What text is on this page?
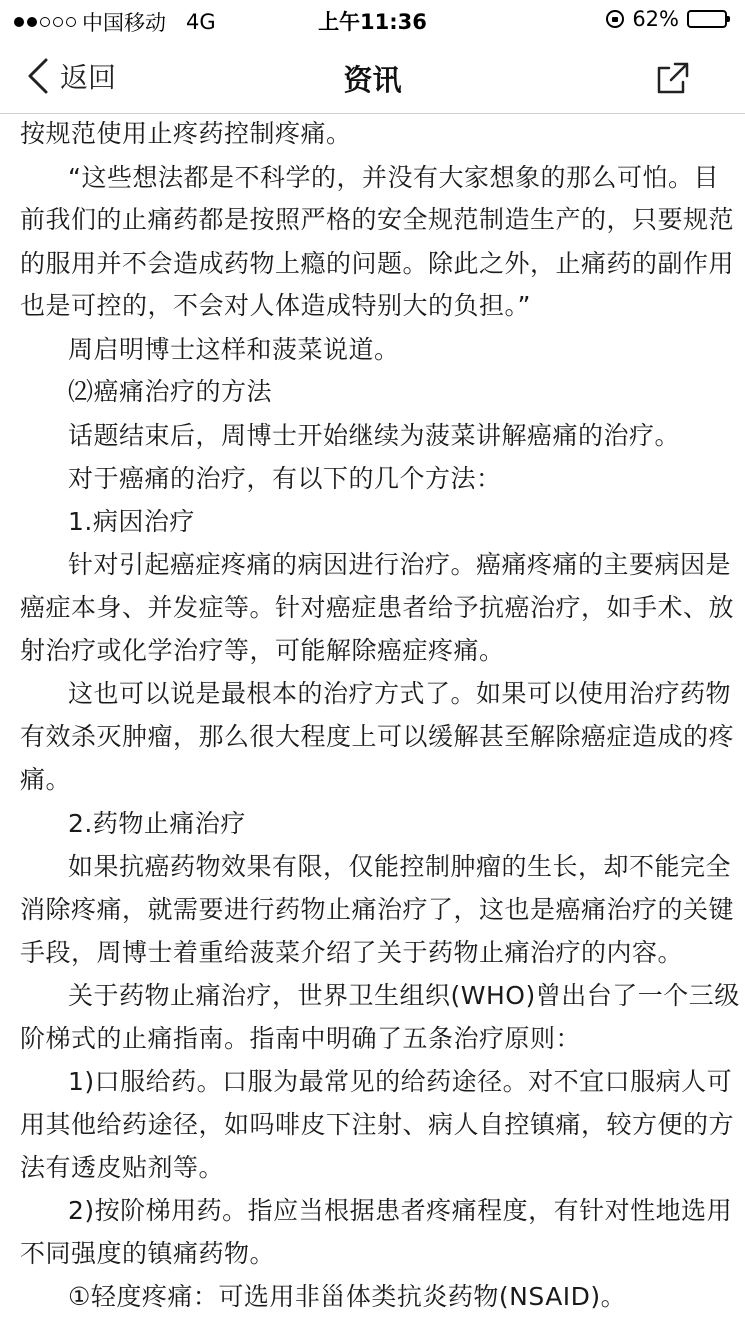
中国移动 4G	上午11:36	62%
返回	资讯
按规范使用止疼药控制疼痛。
“这些想法都是不科学的，并没有大家想象的那么可怕。目
前我们的止痛药都是按照严格的安全规范制造生产的，只要规范
的服用并不会造成药物上瘾的问题。除此之外，止痛药的副作用
也是可控的，不会对人体造成特别大的负担。”
周启明博士这样和菠菜说道。
⑵癌痛治疗的方法
话题结束后，周博士开始继续为菠菜讲解癌痛的治疗。
对于癌痛的治疗，有以下的几个方法：
1.病因治疗
针对引起癌症疼痛的病因进行治疗。癌痛疼痛的主要病因是
癌症本身、并发症等。针对癌症患者给予抗癌治疗，如手术、放
射治疗或化学治疗等，可能解除癌症疼痛。
这也可以说是最根本的治疗方式了。如果可以使用治疗药物
有效杀灭肿瘤，那么很大程度上可以缓解甚至解除癌症造成的疼
痛。
2.药物止痛治疗
如果抗癌药物效果有限，仅能控制肿瘤的生长，却不能完全
消除疼痛，就需要进行药物止痛治疗了，这也是癌痛治疗的关键
手段，周博士着重给菠菜介绍了关于药物止痛治疗的内容。
关于药物止痛治疗，世界卫生组织(WHO)曾出台了一个三级
阶梯式的止痛指南。指南中明确了五条治疗原则：
1)口服给药。口服为最常见的给药途径。对不宜口服病人可
用其他给药途径，如吗啡皮下注射、病人自控镇痛，较方便的方
法有透皮贴剂等。
2)按阶梯用药。指应当根据患者疼痛程度，有针对性地选用
不同强度的镇痛药物。
①轻度疼痛：可选用非甾体类抗炎药物(NSAID)。
